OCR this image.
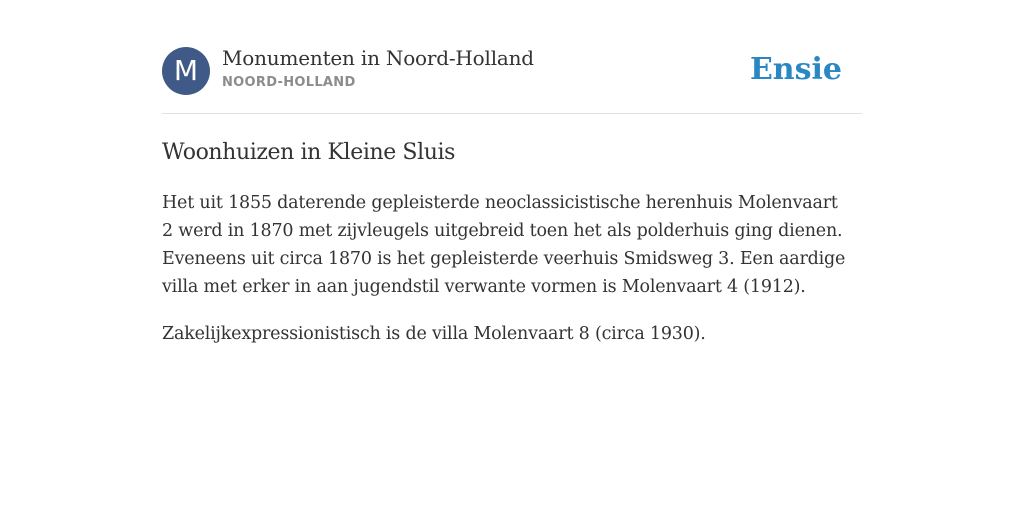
M	Monumenten in Noord-Holland
NOORD-HOLLAND	Ensie
Woonhuizen in Kleine Sluis

Het uit 1855 daterende gepleisterde neoclassicistische herenhuis Molenvaart 2 werd in 1870 met zijvleugels uitgebreid toen het als polderhuis ging dienen. Eveneens uit circa 1870 is het gepleisterde veerhuis Smidsweg 3. Een aardige villa met erker in aan jugendstil verwante vormen is Molenvaart 4 (1912).

Zakelijkexpressionistisch is de villa Molenvaart 8 (circa 1930).
